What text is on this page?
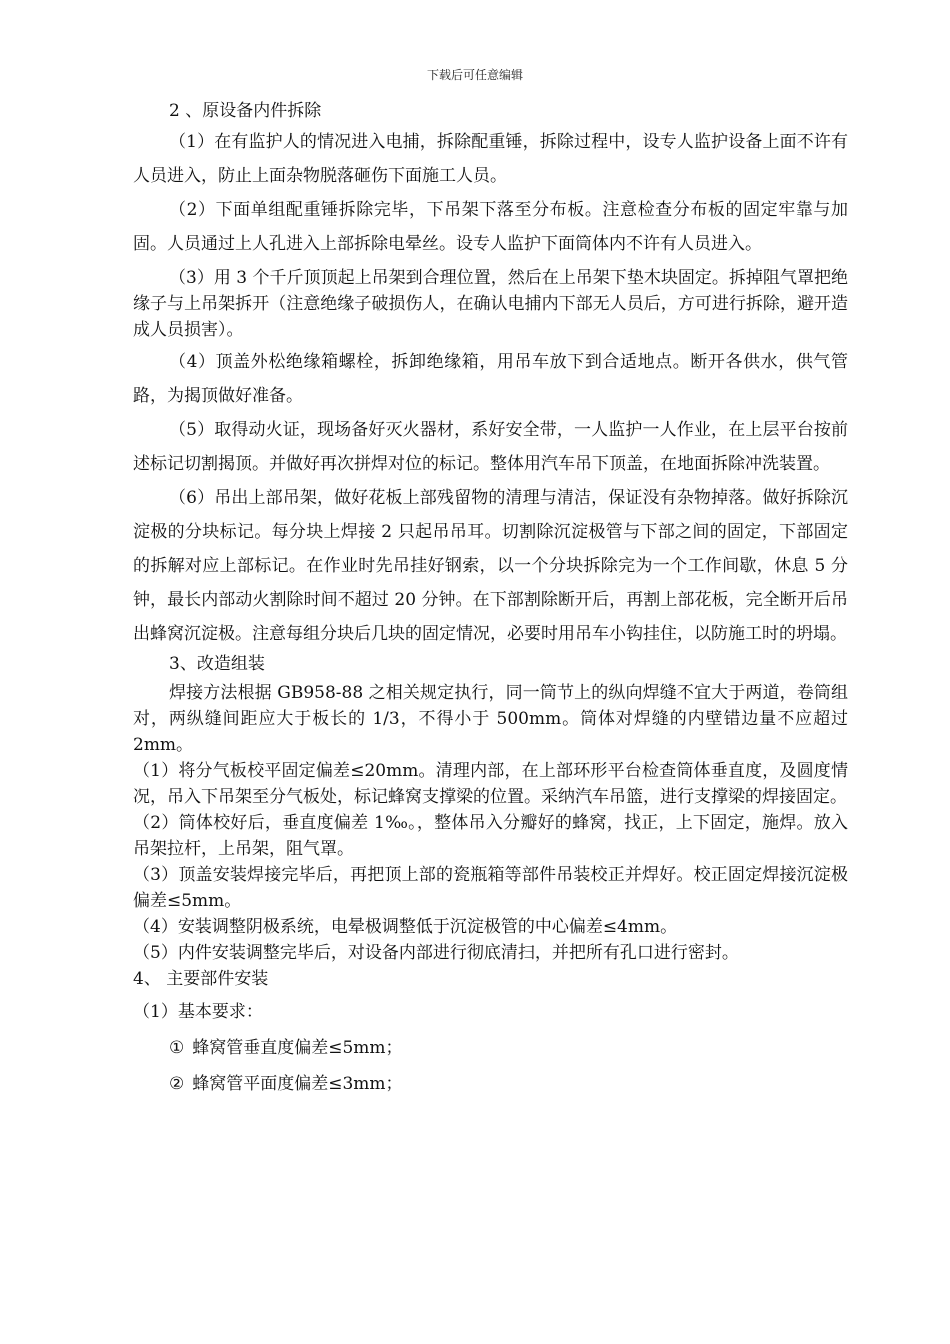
下载后可任意编辑

2 、原设备内件拆除

（1）在有监护人的情况进入电捕，拆除配重锤，拆除过程中，设专人监护设备上面不许有人员进入，防止上面杂物脱落砸伤下面施工人员。

（2）下面单组配重锤拆除完毕，下吊架下落至分布板。注意检查分布板的固定牢靠与加固。人员通过上人孔进入上部拆除电晕丝。设专人监护下面筒体内不许有人员进入。

（3）用 3 个千斤顶顶起上吊架到合理位置，然后在上吊架下垫木块固定。拆掉阻气罩把绝缘子与上吊架拆开（注意绝缘子破损伤人，在确认电捕内下部无人员后，方可进行拆除，避开造成人员损害）。

（4）顶盖外松绝缘箱螺栓，拆卸绝缘箱，用吊车放下到合适地点。断开各供水，供气管路，为揭顶做好准备。

（5）取得动火证，现场备好灭火器材，系好安全带，一人监护一人作业，在上层平台按前述标记切割揭顶。并做好再次拼焊对位的标记。整体用汽车吊下顶盖，在地面拆除冲洗装置。

（6）吊出上部吊架，做好花板上部残留物的清理与清洁，保证没有杂物掉落。做好拆除沉淀极的分块标记。每分块上焊接 2 只起吊吊耳。切割除沉淀极管与下部之间的固定，下部固定的拆解对应上部标记。在作业时先吊挂好钢索，以一个分块拆除完为一个工作间歇，休息 5 分钟，最长内部动火割除时间不超过 20 分钟。在下部割除断开后，再割上部花板，完全断开后吊出蜂窝沉淀极。注意每组分块后几块的固定情况，必要时用吊车小钩挂住，以防施工时的坍塌。

3、改造组装

焊接方法根据 GB958-88 之相关规定执行，同一筒节上的纵向焊缝不宜大于两道，卷筒组对，两纵缝间距应大于板长的 1/3，不得小于 500mm。筒体对焊缝的内壁错边量不应超过 2mm。

（1）将分气板校平固定偏差≤20mm。清理内部，在上部环形平台检查筒体垂直度，及圆度情况，吊入下吊架至分气板处，标记蜂窝支撑梁的位置。采纳汽车吊篮，进行支撑梁的焊接固定。

（2）筒体校好后，垂直度偏差 1‰。，整体吊入分瓣好的蜂窝，找正，上下固定，施焊。放入吊架拉杆，上吊架，阻气罩。

（3）顶盖安装焊接完毕后，再把顶上部的瓷瓶箱等部件吊装校正并焊好。校正固定焊接沉淀极偏差≤5mm。

（4）安装调整阴极系统，电晕极调整低于沉淀极管的中心偏差≤4mm。

（5）内件安装调整完毕后，对设备内部进行彻底清扫，并把所有孔口进行密封。

4、 主要部件安装

（1）基本要求：

① 蜂窝管垂直度偏差≤5mm；

② 蜂窝管平面度偏差≤3mm；
